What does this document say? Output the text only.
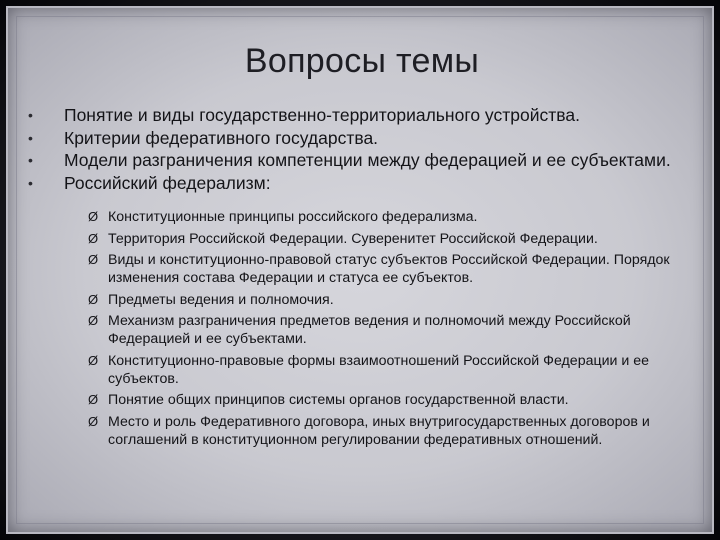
Вопросы темы
• Понятие и виды государственно-территориального устройства.
• Критерии федеративного государства.
• Модели разграничения компетенции между федерацией и ее субъектами.
• Российский федерализм:
Ø Конституционные принципы российского федерализма.
Ø Территория Российской Федерации. Суверенитет Российской Федерации.
Ø Виды и конституционно-правовой статус субъектов Российской Федерации. Порядок изменения состава Федерации и статуса ее субъектов.
Ø Предметы ведения и полномочия.
Ø Механизм разграничения предметов ведения и полномочий между Российской Федерацией и ее субъектами.
Ø Конституционно-правовые формы взаимоотношений Российской Федерации и ее субъектов.
Ø Понятие общих принципов системы органов государственной власти.
Ø Место и роль Федеративного договора, иных внутригосударственных договоров и соглашений в конституционном регулировании федеративных отношений.
